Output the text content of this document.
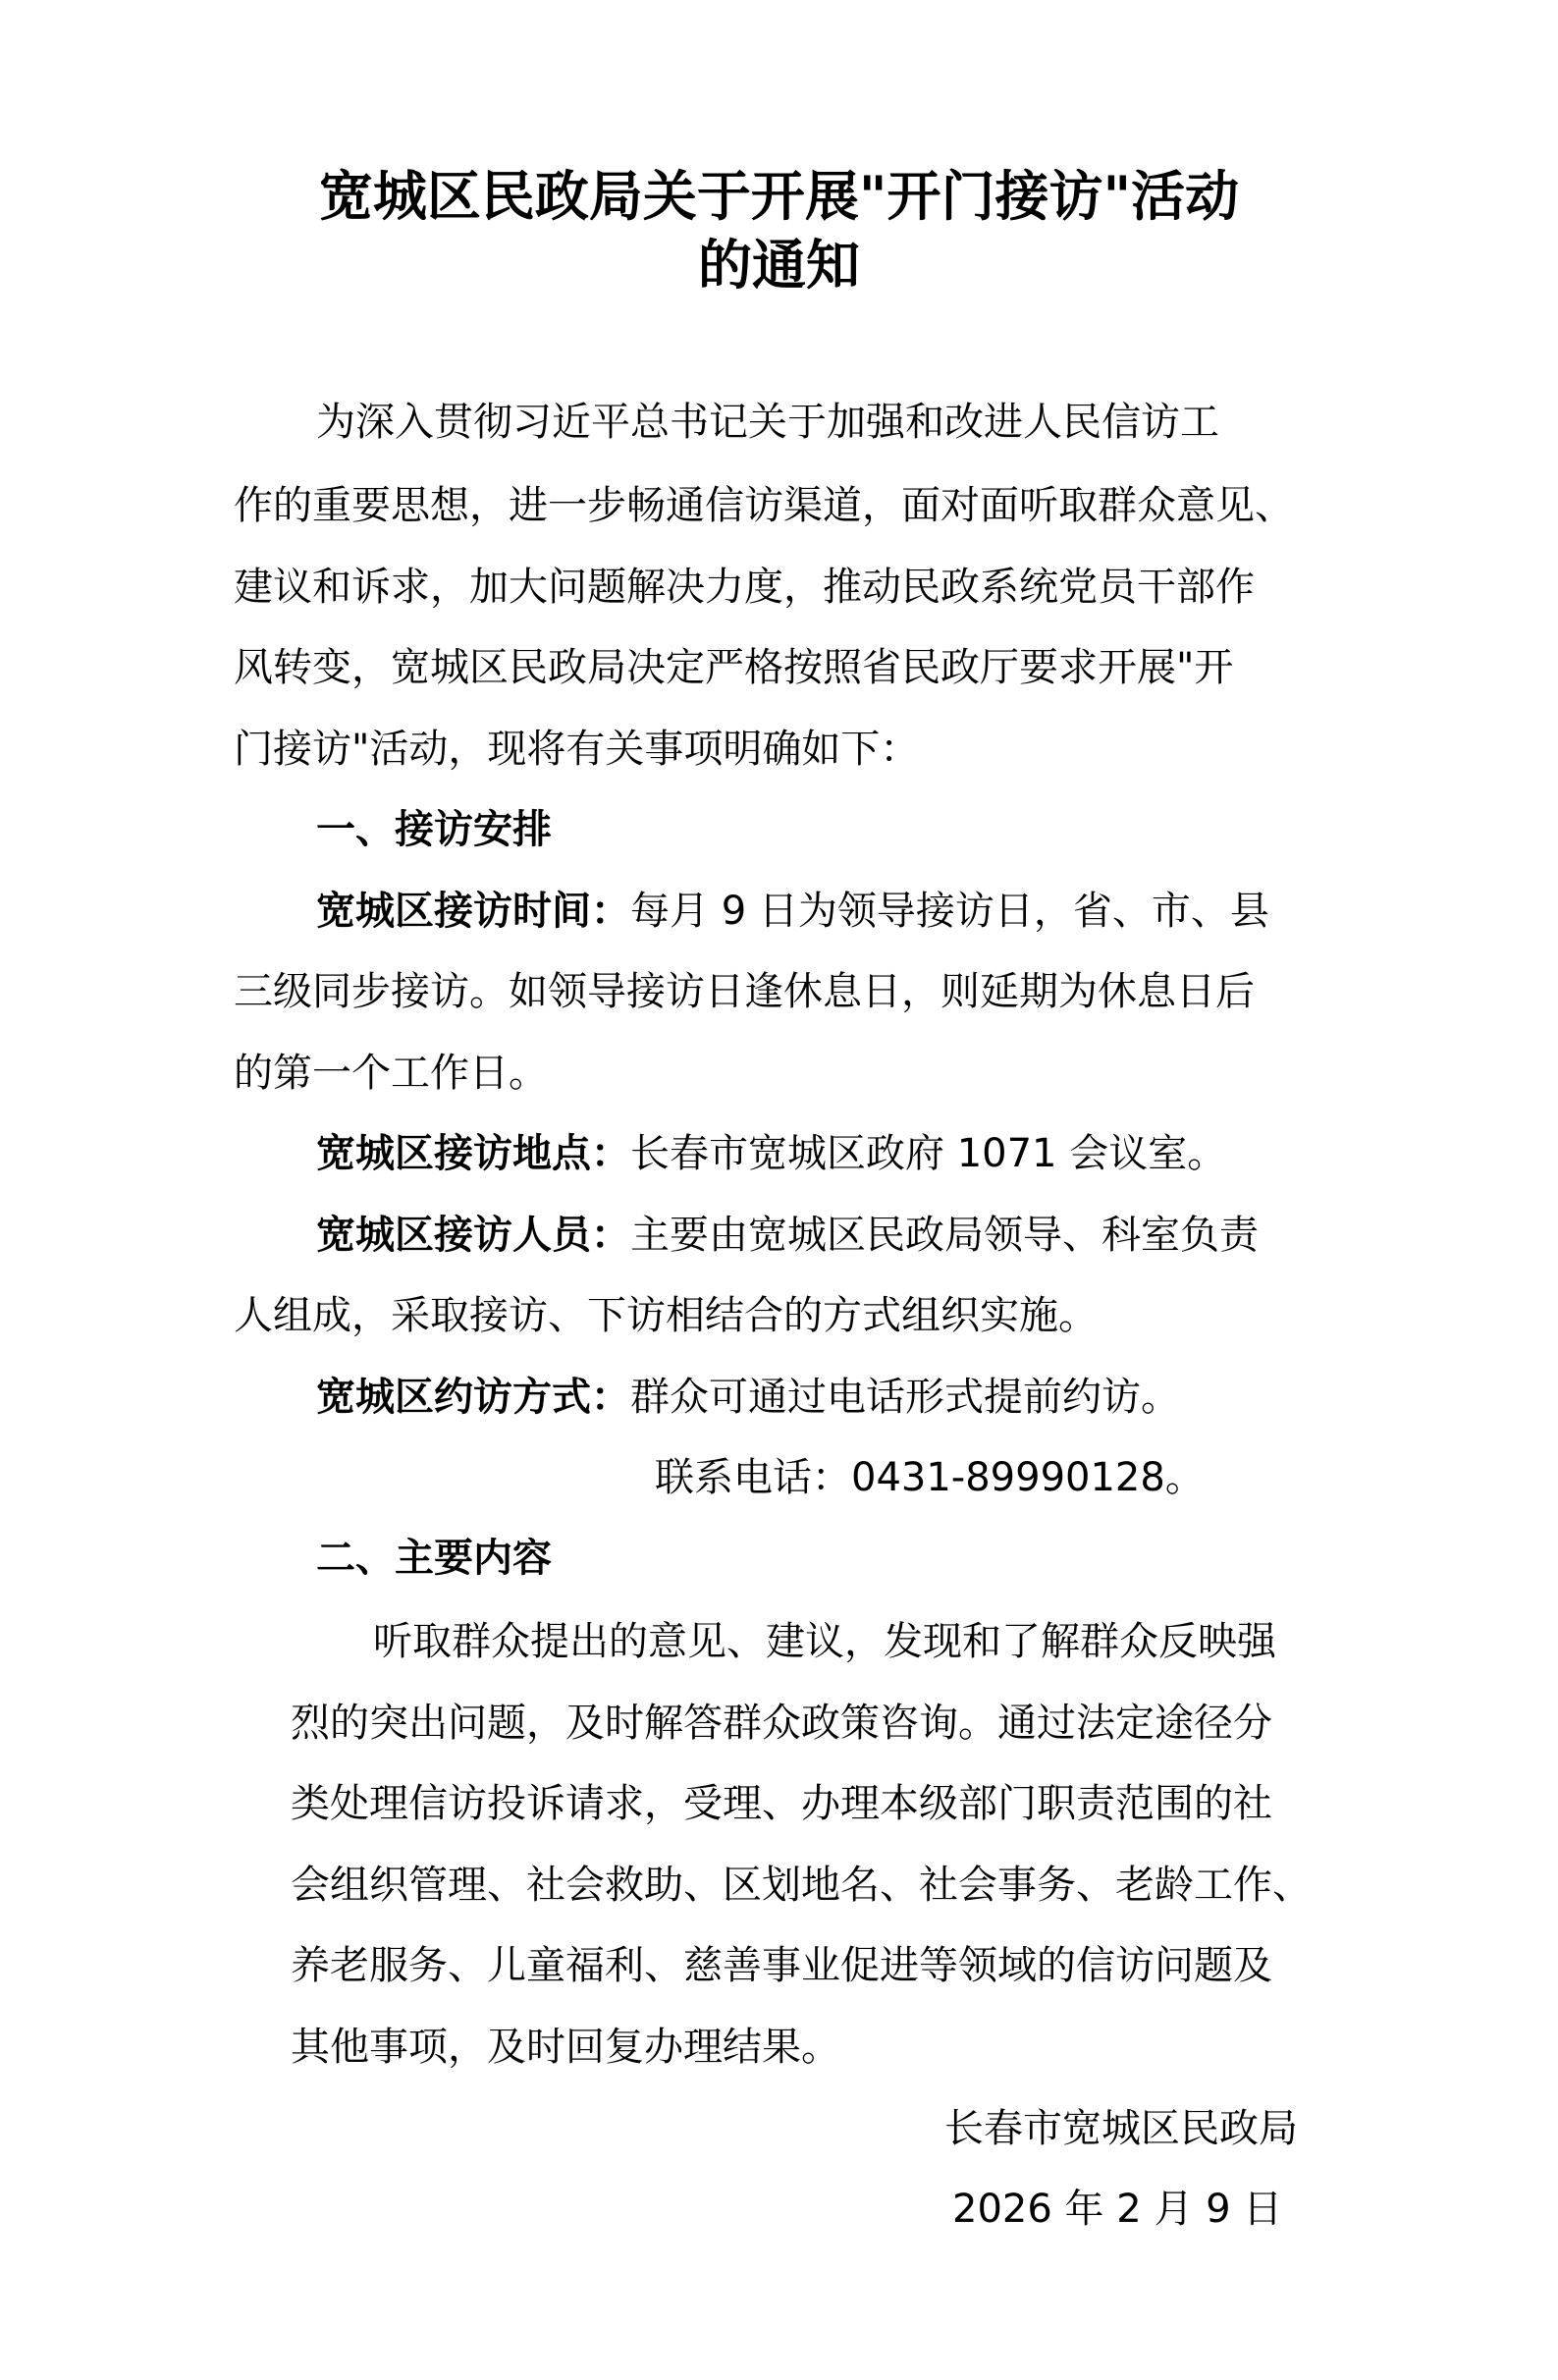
宽城区民政局关于开展"开门接访"活动
的通知
为深入贯彻习近平总书记关于加强和改进人民信访工
作的重要思想，进一步畅通信访渠道，面对面听取群众意见、
建议和诉求，加大问题解决力度，推动民政系统党员干部作
风转变，宽城区民政局决定严格按照省民政厅要求开展"开
门接访"活动，现将有关事项明确如下：
一、接访安排
宽城区接访时间：每月 9 日为领导接访日，省、市、县
三级同步接访。如领导接访日逢休息日，则延期为休息日后
的第一个工作日。
宽城区接访地点：长春市宽城区政府 1071 会议室。
宽城区接访人员：主要由宽城区民政局领导、科室负责
人组成，采取接访、下访相结合的方式组织实施。
宽城区约访方式：群众可通过电话形式提前约访。
联系电话：0431-89990128。
二、主要内容
听取群众提出的意见、建议，发现和了解群众反映强
烈的突出问题，及时解答群众政策咨询。通过法定途径分
类处理信访投诉请求，受理、办理本级部门职责范围的社
会组织管理、社会救助、区划地名、社会事务、老龄工作、
养老服务、儿童福利、慈善事业促进等领域的信访问题及
其他事项，及时回复办理结果。
长春市宽城区民政局
2026 年 2 月 9 日
